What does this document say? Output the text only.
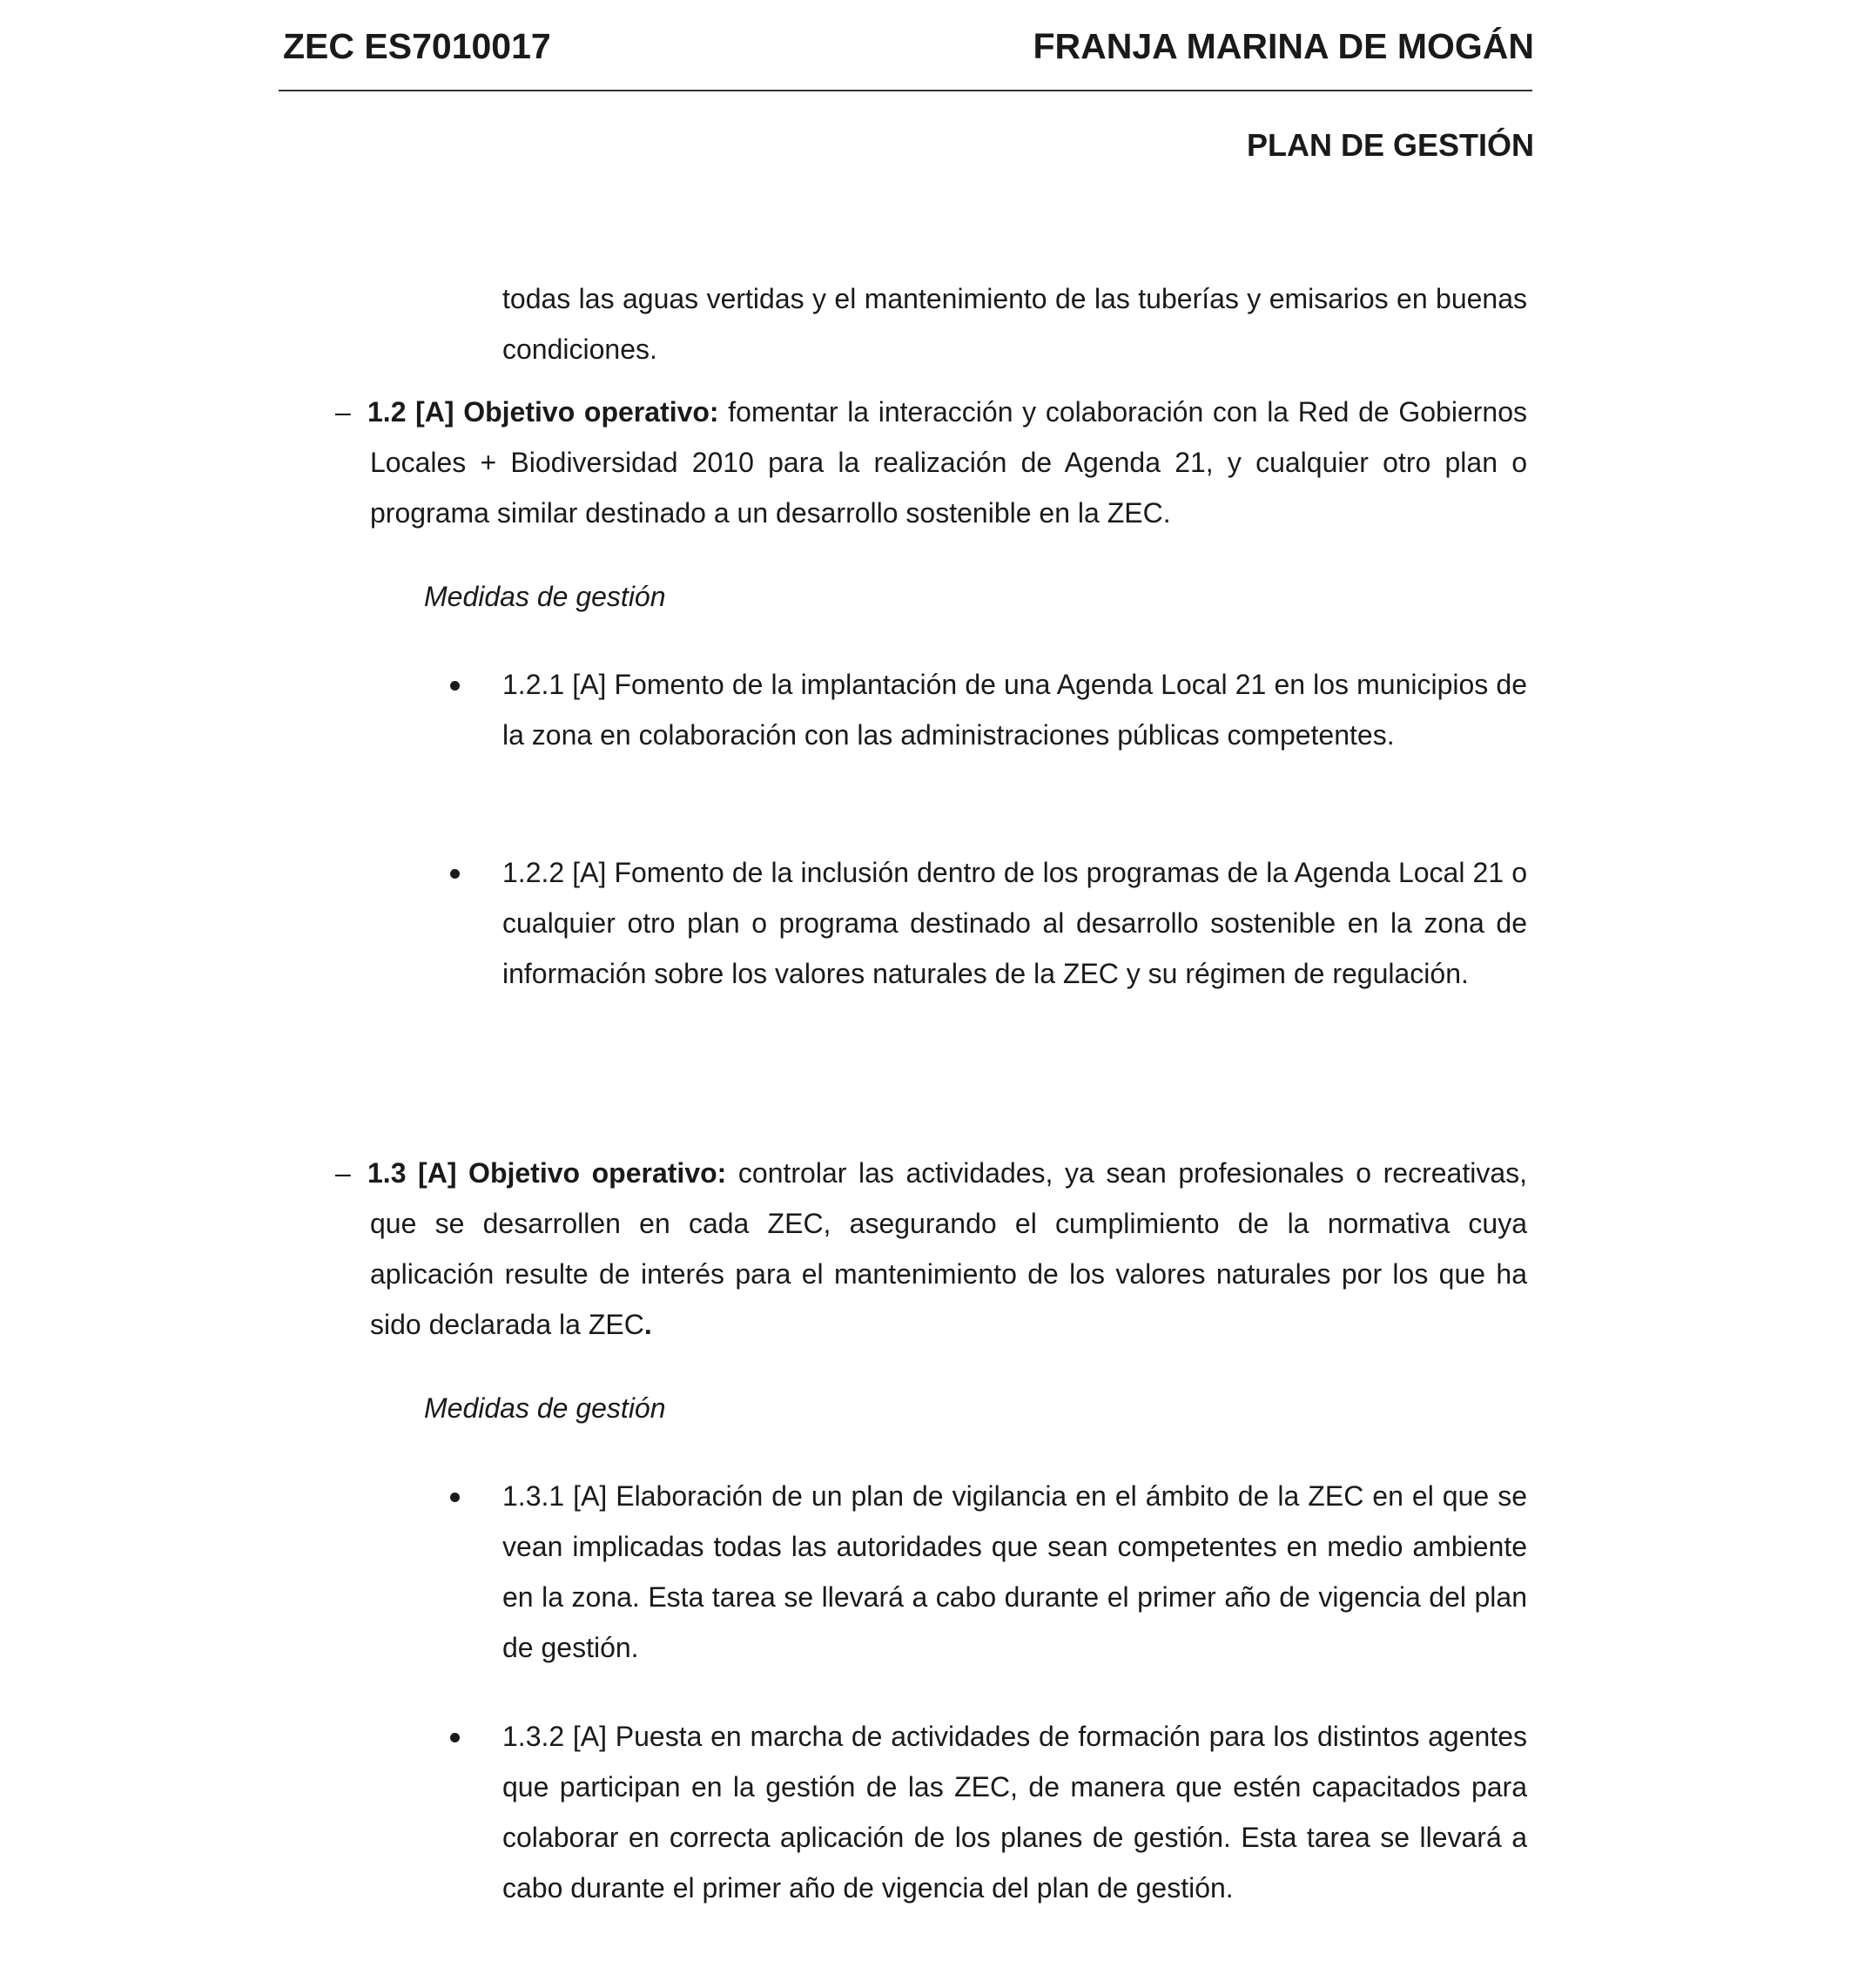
ZEC ES7010017	FRANJA MARINA DE MOGÁN
PLAN DE GESTIÓN
todas las aguas vertidas y el mantenimiento de las tuberías y emisarios en buenas condiciones.
– 1.2 [A] Objetivo operativo: fomentar la interacción y colaboración con la Red de Gobiernos Locales + Biodiversidad 2010 para la realización de Agenda 21, y cualquier otro plan o programa similar destinado a un desarrollo sostenible en la ZEC.
Medidas de gestión
1.2.1 [A] Fomento de la implantación de una Agenda Local 21 en los municipios de la zona en colaboración con las administraciones públicas competentes.
1.2.2 [A] Fomento de la inclusión dentro de los programas de la Agenda Local 21 o cualquier otro plan o programa destinado al desarrollo sostenible en la zona de información sobre los valores naturales de la ZEC y su régimen de regulación.
– 1.3 [A] Objetivo operativo: controlar las actividades, ya sean profesionales o recreativas, que se desarrollen en cada ZEC, asegurando el cumplimiento de la normativa cuya aplicación resulte de interés para el mantenimiento de los valores naturales por los que ha sido declarada la ZEC.
Medidas de gestión
1.3.1 [A] Elaboración de un plan de vigilancia en el ámbito de la ZEC en el que se vean implicadas todas las autoridades que sean competentes en medio ambiente en la zona. Esta tarea se llevará a cabo durante el primer año de vigencia del plan de gestión.
1.3.2 [A] Puesta en marcha de actividades de formación para los distintos agentes que participan en la gestión de las ZEC, de manera que estén capacitados para colaborar en correcta aplicación de los planes de gestión. Esta tarea se llevará a cabo durante el primer año de vigencia del plan de gestión.
